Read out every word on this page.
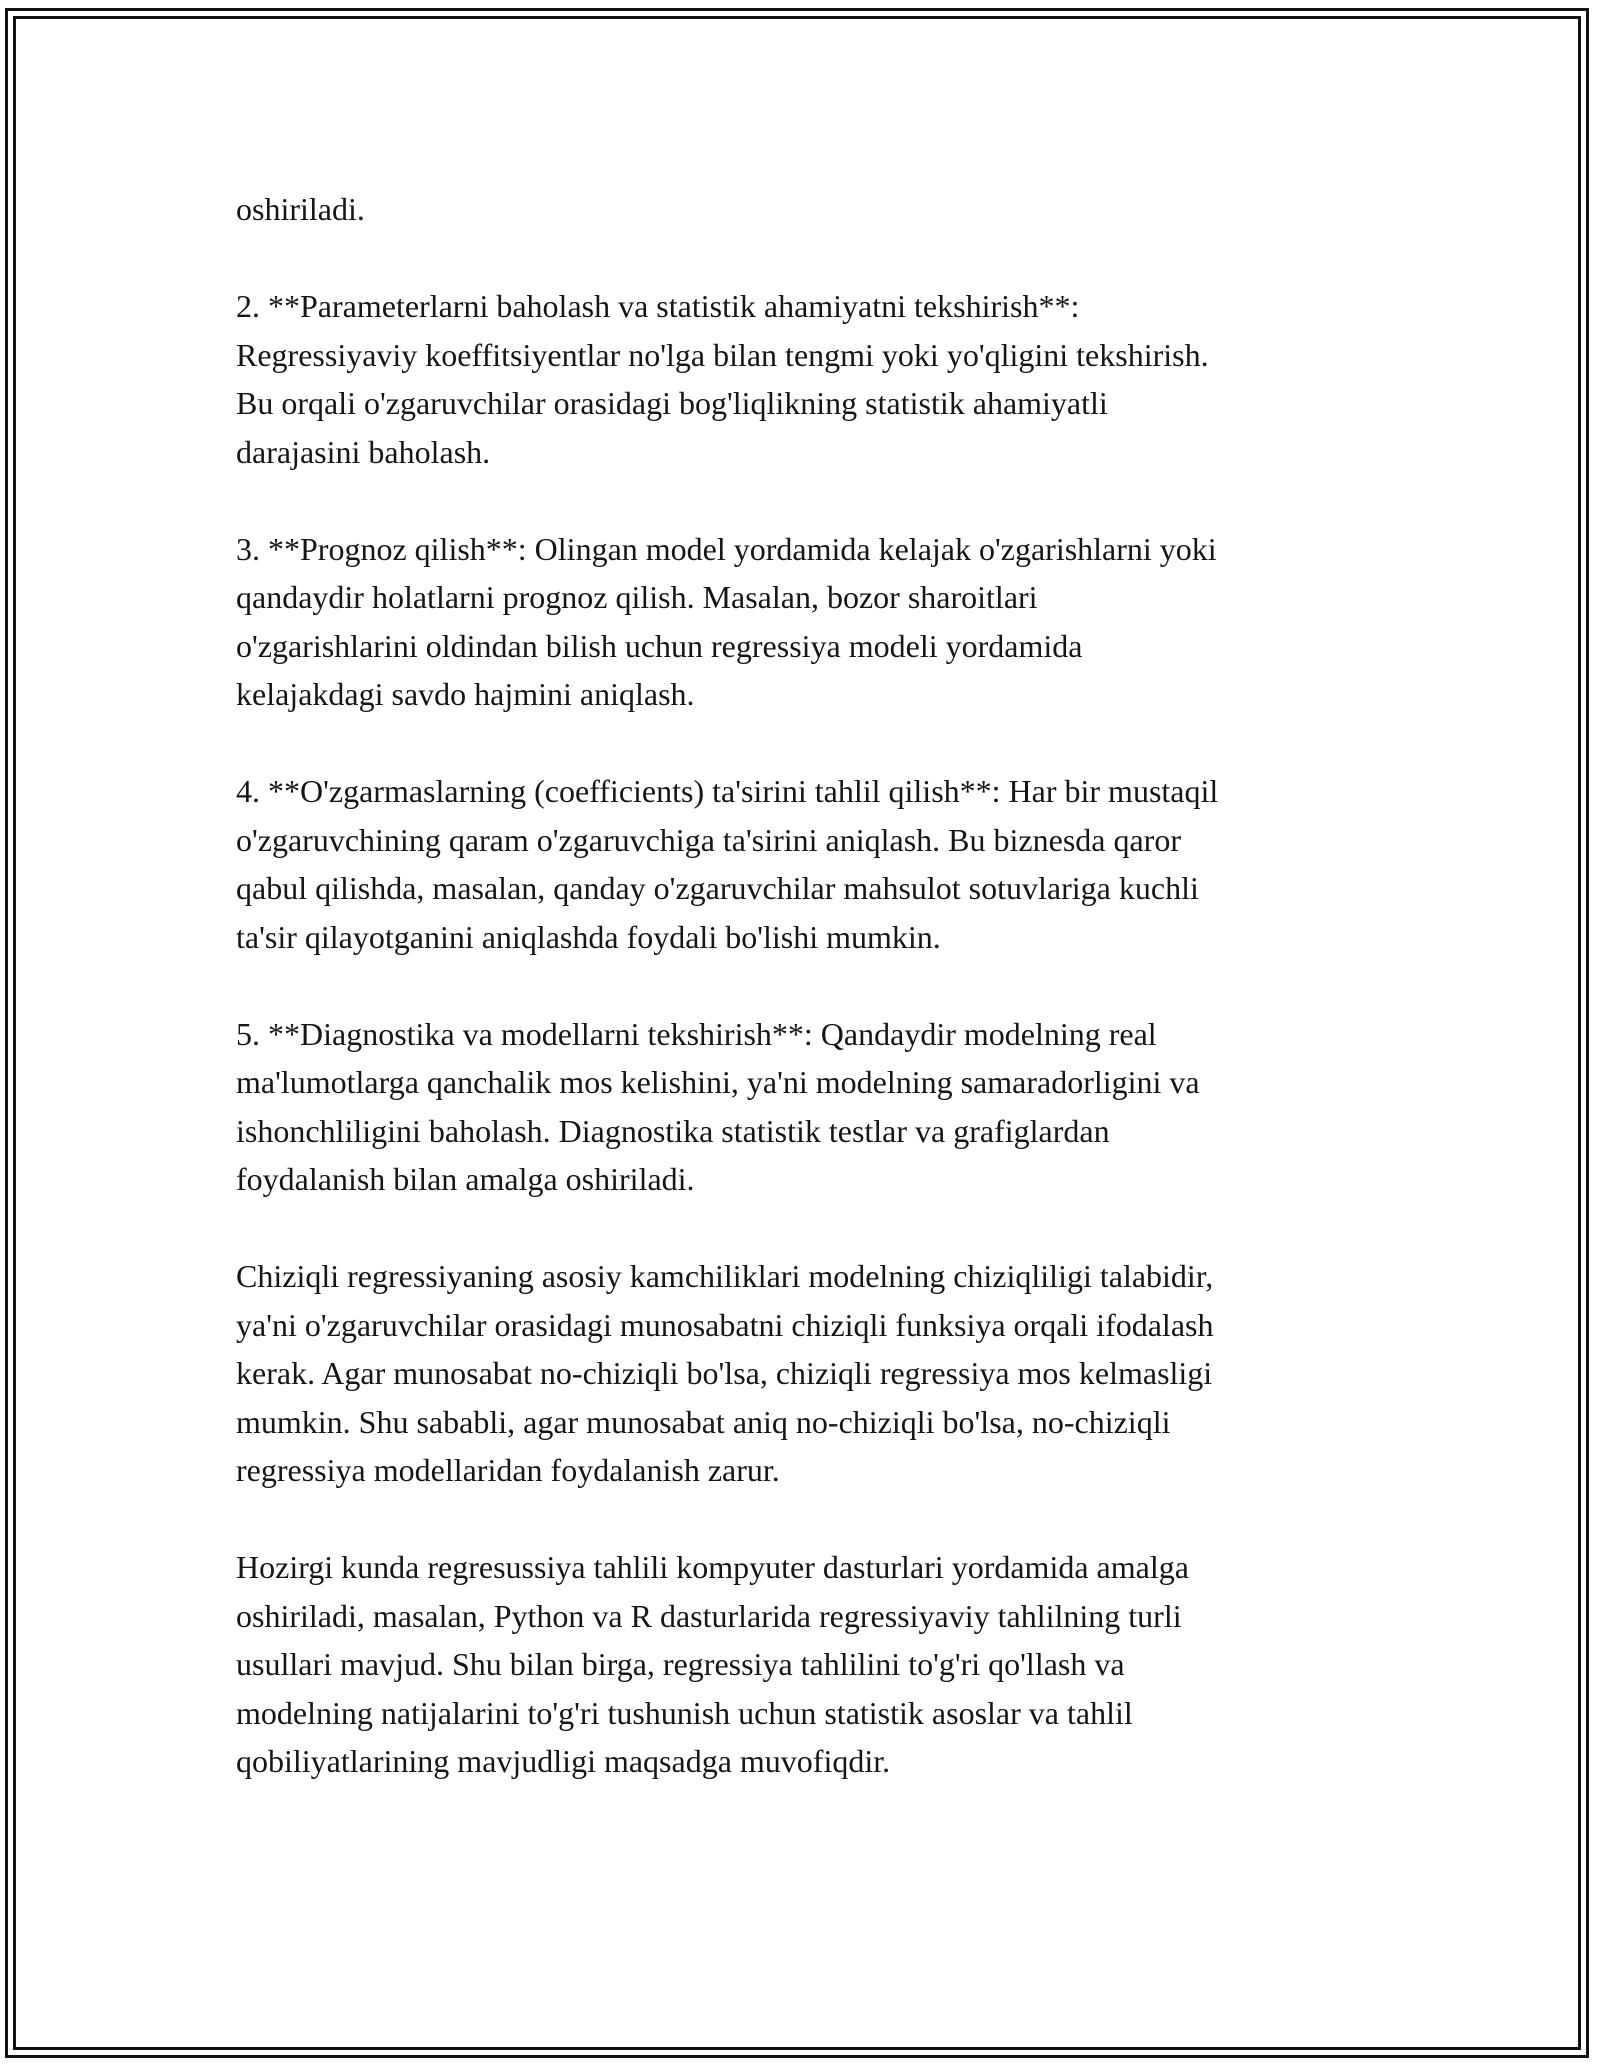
oshiriladi.

2. **Parameterlarni baholash va statistik ahamiyatni tekshirish**:
Regressiyaviy koeffitsiyentlar no'lga bilan tengmi yoki yo'qligini tekshirish.
Bu orqali o'zgaruvchilar orasidagi bog'liqlikning statistik ahamiyatli
darajasini baholash.

3. **Prognoz qilish**: Olingan model yordamida kelajak o'zgarishlarni yoki
qandaydir holatlarni prognoz qilish. Masalan, bozor sharoitlari
o'zgarishlarini oldindan bilish uchun regressiya modeli yordamida
kelajakdagi savdo hajmini aniqlash.

4. **O'zgarmaslarning (coefficients) ta'sirini tahlil qilish**: Har bir mustaqil
o'zgaruvchining qaram o'zgaruvchiga ta'sirini aniqlash. Bu biznesda qaror
qabul qilishda, masalan, qanday o'zgaruvchilar mahsulot sotuvlariga kuchli
ta'sir qilayotganini aniqlashda foydali bo'lishi mumkin.

5. **Diagnostika va modellarni tekshirish**: Qandaydir modelning real
ma'lumotlarga qanchalik mos kelishini, ya'ni modelning samaradorligini va
ishonchliligini baholash. Diagnostika statistik testlar va grafiglardan
foydalanish bilan amalga oshiriladi.

Chiziqli regressiyaning asosiy kamchiliklari modelning chiziqliligi talabidir,
ya'ni o'zgaruvchilar orasidagi munosabatni chiziqli funksiya orqali ifodalash
kerak. Agar munosabat no-chiziqli bo'lsa, chiziqli regressiya mos kelmasligi
mumkin. Shu sababli, agar munosabat aniq no-chiziqli bo'lsa, no-chiziqli
regressiya modellaridan foydalanish zarur.

Hozirgi kunda regresussiya tahlili kompyuter dasturlari yordamida amalga
oshiriladi, masalan, Python va R dasturlarida regressiyaviy tahlilning turli
usullari mavjud. Shu bilan birga, regressiya tahlilini to'g'ri qo'llash va
modelning natijalarini to'g'ri tushunish uchun statistik asoslar va tahlil
qobiliyatlarining mavjudligi maqsadga muvofiqdir.
